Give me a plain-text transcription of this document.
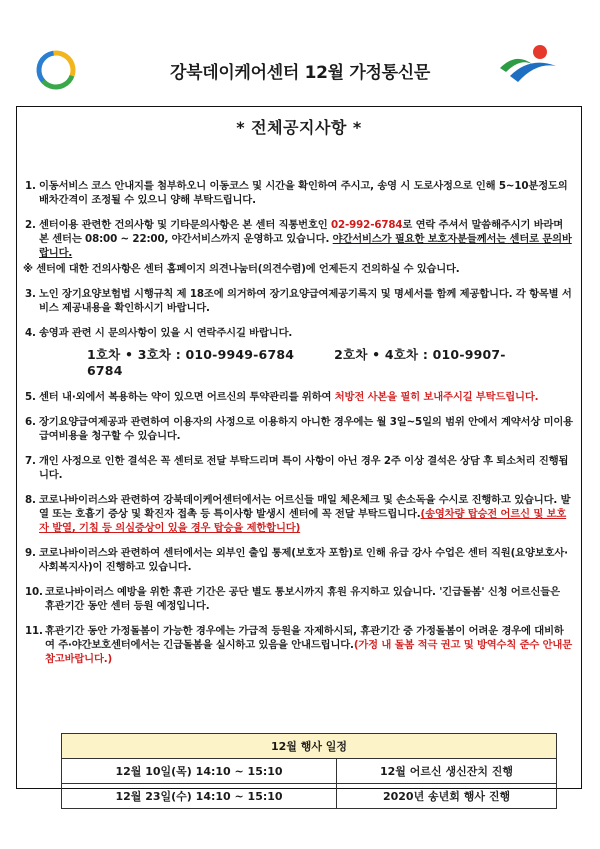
강북데이케어센터 12월 가정통신문
* 전체공지사항 *
1. 이동서비스 코스 안내지를 첨부하오니 이동코스 및 시간을 확인하여 주시고, 송영 시 도로사정으로 인해 5~10분정도의 배차간격이 조정될 수 있으니 양해 부탁드립니다.
2. 센터이용 관련한 건의사항 및 기타문의사항은 본 센터 직통번호인 02-992-6784로 연락 주셔서 말씀해주시기 바라며 본 센터는 08:00 ~ 22:00, 야간서비스까지 운영하고 있습니다. 야간서비스가 필요한 보호자분들께서는 센터로 문의바랍니다.
※ 센터에 대한 건의사항은 센터 홈페이지 의견나눔터(의견수렴)에 언제든지 건의하실 수 있습니다.
3. 노인 장기요양보험법 시행규칙 제 18조에 의거하여 장기요양급여제공기록지 및 명세서를 함께 제공합니다. 각 항목별 서비스 제공내용을 확인하시기 바랍니다.
4. 송영과 관련 시 문의사항이 있을 시 연락주시길 바랍니다.
1호차 • 3호차 : 010-9949-6784	2호차 • 4호차 : 010-9907-6784
5. 센터 내·외에서 복용하는 약이 있으면 어르신의 투약관리를 위하여 처방전 사본을 필히 보내주시길 부탁드립니다.
6. 장기요양급여제공과 관련하여 이용자의 사정으로 이용하지 아니한 경우에는 월 3일~5일의 범위 안에서 계약서상 미이용 급여비용을 청구할 수 있습니다.
7. 개인 사정으로 인한 결석은 꼭 센터로 전달 부탁드리며 특이 사항이 아닌 경우 2주 이상 결석은 상담 후 퇴소처리 진행됩니다.
8. 코로나바이러스와 관련하여 강북데이케어센터에서는 어르신들 매일 체온체크 및 손소독을 수시로 진행하고 있습니다. 발열 또는 호흡기 증상 및 확진자 접촉 등 특이사항 발생시 센터에 꼭 전달 부탁드립니다.(송영차량 탑승전 어르신 및 보호자 발열, 기침 등 의심증상이 있을 경우 탑승을 제한합니다)
9. 코로나바이러스와 관련하여 센터에서는 외부인 출입 통제(보호자 포함)로 인해 유급 강사 수업은 센터 직원(요양보호사·사회복지사)이 진행하고 있습니다.
10. 코로나바이러스 예방을 위한 휴관 기간은 공단 별도 통보시까지 휴원 유지하고 있습니다. '긴급돌봄' 신청 어르신들은 휴관기간 동안 센터 등원 예정입니다.
11. 휴관기간 동안 가정돌봄이 가능한 경우에는 가급적 등원을 자제하시되, 휴관기간 중 가정돌봄이 어려운 경우에 대비하여 주·야간보호센터에서는 긴급돌봄을 실시하고 있음을 안내드립니다.(가정 내 돌봄 적극 권고 및 방역수칙 준수 안내문 참고바랍니다.)
12월 행사 일정	
12월 10일(목) 14:10 ~ 15:10	12월 어르신 생신잔치 진행
12월 23일(수) 14:10 ~ 15:10	2020년 송년회 행사 진행
